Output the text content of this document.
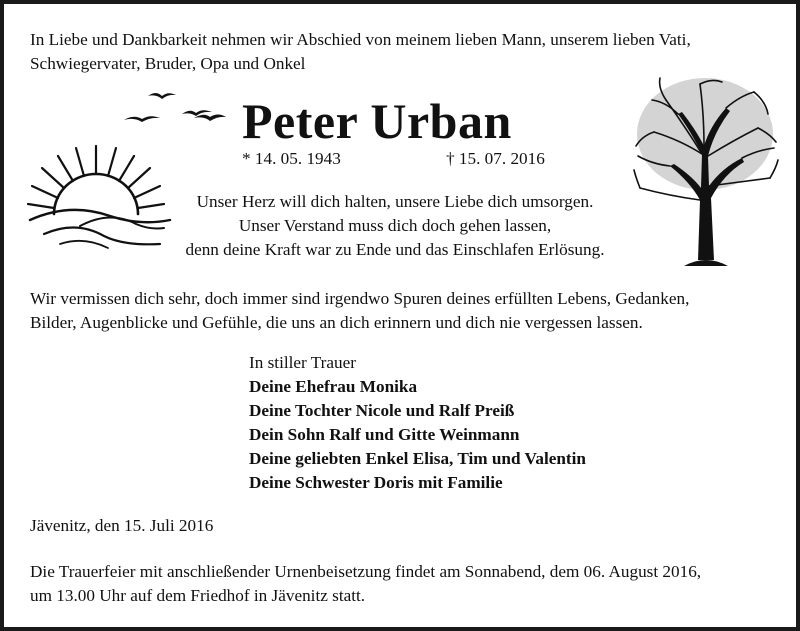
In Liebe und Dankbarkeit nehmen wir Abschied von meinem lieben Mann, unserem lieben Vati,

Schwiegervater, Bruder, Opa und Onkel

Peter Urban

* 14. 05. 1943	† 15. 07. 2016

Unser Herz will dich halten, unsere Liebe dich umsorgen.

Unser Verstand muss dich doch gehen lassen,

denn deine Kraft war zu Ende und das Einschlafen Erlösung.

Wir vermissen dich sehr, doch immer sind irgendwo Spuren deines erfüllten Lebens, Gedanken,

Bilder, Augenblicke und Gefühle, die uns an dich erinnern und dich nie vergessen lassen.

In stiller Trauer

Deine Ehefrau Monika

Deine Tochter Nicole und Ralf Preiß

Dein Sohn Ralf und Gitte Weinmann

Deine geliebten Enkel Elisa, Tim und Valentin

Deine Schwester Doris mit Familie

Jävenitz, den 15. Juli 2016

Die Trauerfeier mit anschließender Urnenbeisetzung findet am Sonnabend, dem 06. August 2016,

um 13.00 Uhr auf dem Friedhof in Jävenitz statt.
